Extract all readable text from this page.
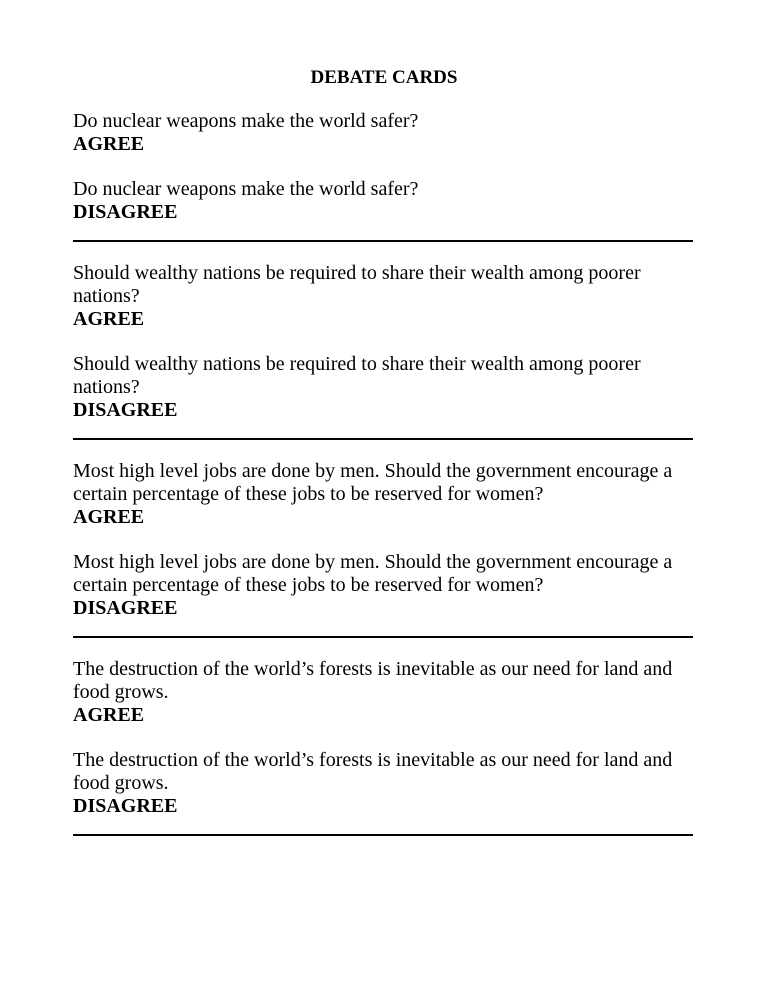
DEBATE CARDS
Do nuclear weapons make the world safer?
AGREE
Do nuclear weapons make the world safer?
DISAGREE
Should wealthy nations be required to share their wealth among poorer nations?
AGREE
Should wealthy nations be required to share their wealth among poorer nations?
DISAGREE
Most high level jobs are done by men. Should the government encourage a certain percentage of these jobs to be reserved for women?
AGREE
Most high level jobs are done by men. Should the government encourage a certain percentage of these jobs to be reserved for women?
DISAGREE
The destruction of the world’s forests is inevitable as our need for land and food grows.
AGREE
The destruction of the world’s forests is inevitable as our need for land and food grows.
DISAGREE
